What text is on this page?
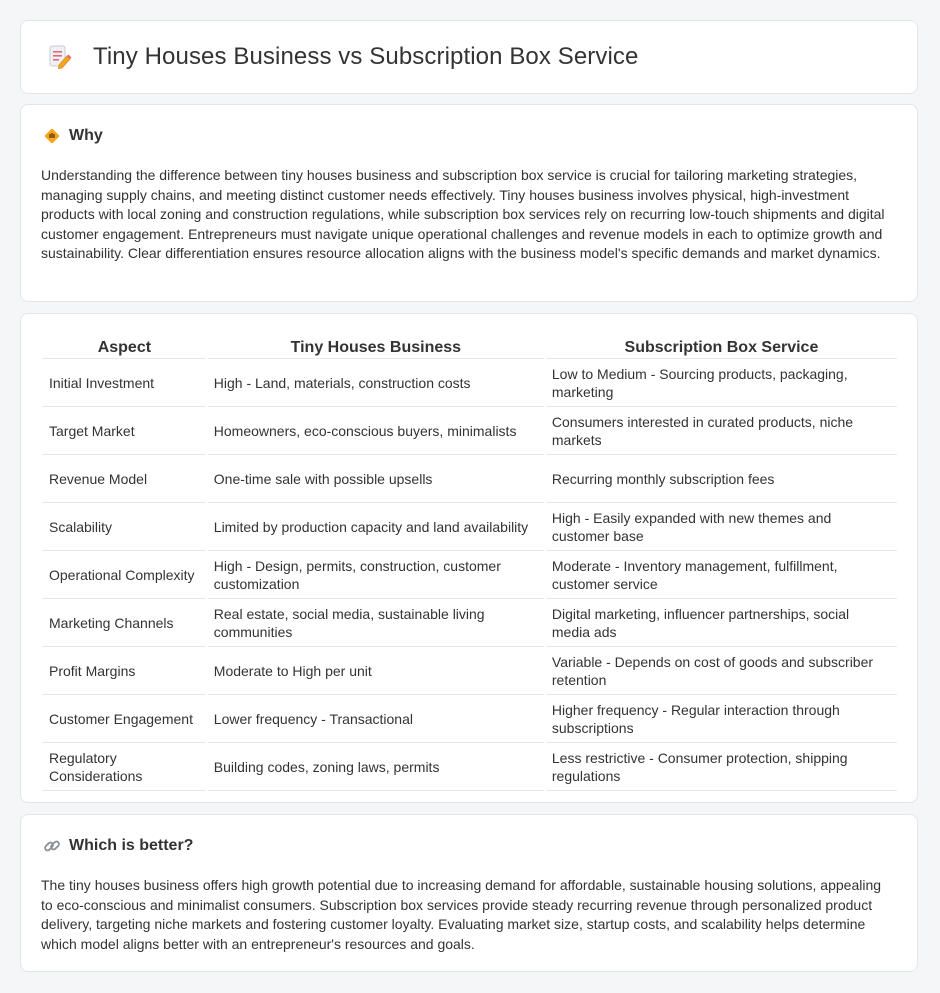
Tiny Houses Business vs Subscription Box Service
Why

Understanding the difference between tiny houses business and subscription box service is crucial for tailoring marketing strategies, managing supply chains, and meeting distinct customer needs effectively. Tiny houses business involves physical, high-investment products with local zoning and construction regulations, while subscription box services rely on recurring low-touch shipments and digital customer engagement. Entrepreneurs must navigate unique operational challenges and revenue models in each to optimize growth and sustainability. Clear differentiation ensures resource allocation aligns with the business model's specific demands and market dynamics.

Aspect	Tiny Houses Business	Subscription Box Service
Initial Investment	High - Land, materials, construction costs	Low to Medium - Sourcing products, packaging, marketing
Target Market	Homeowners, eco-conscious buyers, minimalists	Consumers interested in curated products, niche markets
Revenue Model	One-time sale with possible upsells	Recurring monthly subscription fees
Scalability	Limited by production capacity and land availability	High - Easily expanded with new themes and customer base
Operational Complexity	High - Design, permits, construction, customer customization	Moderate - Inventory management, fulfillment, customer service
Marketing Channels	Real estate, social media, sustainable living communities	Digital marketing, influencer partnerships, social media ads
Profit Margins	Moderate to High per unit	Variable - Depends on cost of goods and subscriber retention
Customer Engagement	Lower frequency - Transactional	Higher frequency - Regular interaction through subscriptions
Regulatory Considerations	Building codes, zoning laws, permits	Less restrictive - Consumer protection, shipping regulations
Which is better?

The tiny houses business offers high growth potential due to increasing demand for affordable, sustainable housing solutions, appealing to eco-conscious and minimalist consumers. Subscription box services provide steady recurring revenue through personalized product delivery, targeting niche markets and fostering customer loyalty. Evaluating market size, startup costs, and scalability helps determine which model aligns better with an entrepreneur's resources and goals.
